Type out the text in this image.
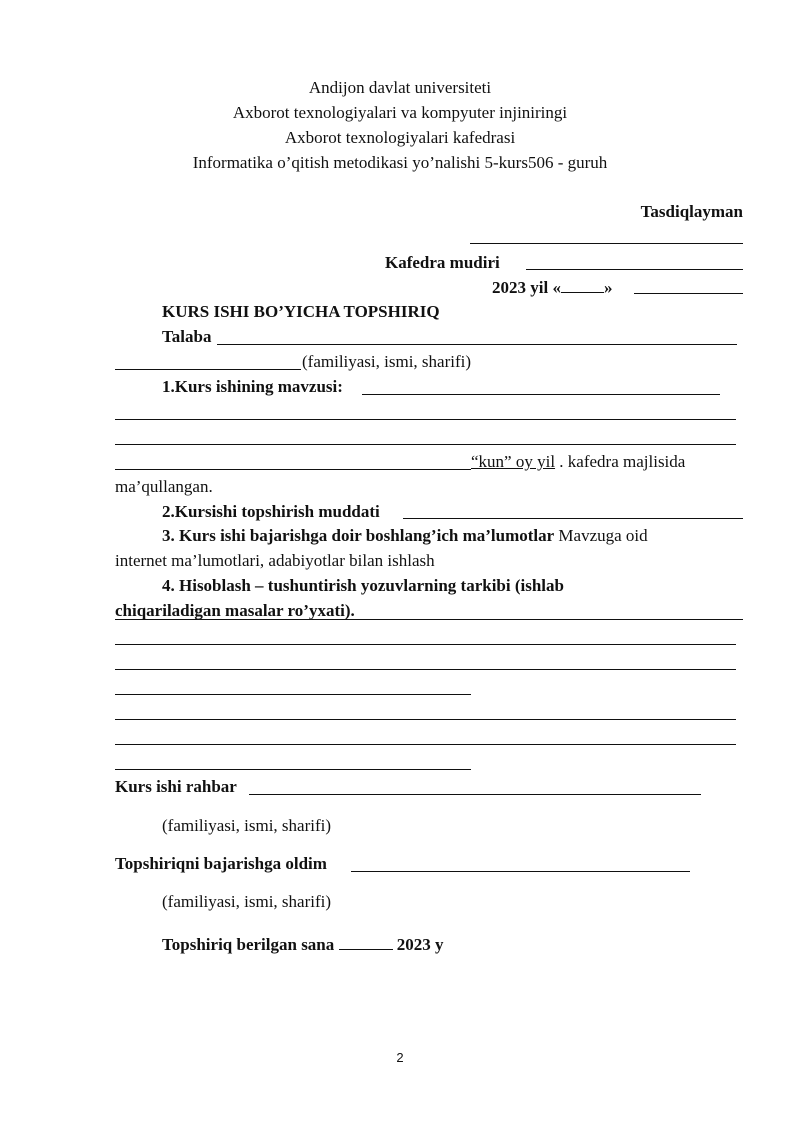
Andijon davlat universiteti
Axborot texnologiyalari va kompyuter injiniringi
Axborot texnologiyalari kafedrasi
Informatika o’qitish metodikasi yo’nalishi 5-kurs506 - guruh
Tasdiqlayman
Kafedra mudiri
2023 yil «	»
KURS ISHI BO’YICHA TOPSHIRIQ
Talaba
(familiyasi, ismi, sharifi)
1.Kurs ishining mavzusi:
“kun” oy yil . kafedra majlisida
ma’qullangan.
2.Kursishi topshirish muddati
3. Kurs ishi bajarishga doir boshlang’ich ma’lumotlar Mavzuga oid
internet ma’lumotlari, adabiyotlar bilan ishlash
4. Hisoblash – tushuntirish yozuvlarning tarkibi (ishlab
chiqariladigan masalar ro’yxati).
Kurs ishi rahbar
(familiyasi, ismi, sharifi)
Topshiriqni bajarishga oldim
(familiyasi, ismi, sharifi)
Topshiriq berilgan sana	2023 y
2
